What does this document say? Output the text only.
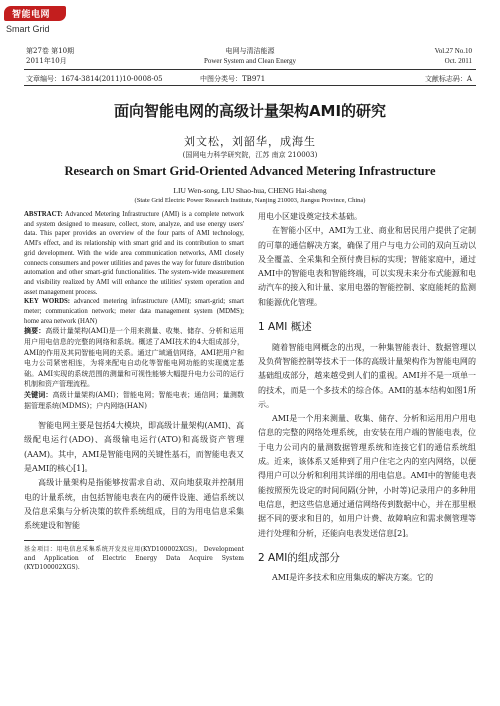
智能电网
Smart Grid
第27卷 第10期
2011年10月
电网与清洁能源
Power System and Clean Energy
Vol.27 No.10
Oct. 2011
文章编号：1674-3814(2011)10-0008-05	中图分类号：TB971	文献标志码：A
面向智能电网的高级计量架构AMI的研究
刘文松，刘韶华，成海生
(国网电力科学研究院，江苏 南京 210003)
Research on Smart Grid-Oriented Advanced Metering Infrastructure
LIU Wen-song, LIU Shao-hua, CHENG Hai-sheng
(State Grid Electric Power Research Institute, Nanjing 210003, Jiangsu Province, China)
ABSTRACT: Advanced Metering Infrastructure (AMI) is a complete network and system designed to measure, collect, store, analyze, and use energy users' data. This paper provides an overview of the four parts of AMI technology, AMI's effect, and its relationship with smart grid and its contribution to smart grid development. With the wide area communication networks, AMI closely connects consumers and power utilities and paves the way for future distribution automation and other smart-grid functionalities. The system-wide measurement and visibility realized by AMI will enhance the utilities' system operation and asset management process.
KEY WORDS: advanced metering infrastructure (AMI); smart-grid; smart meter; communication network; meter data management system (MDMS); home area network (HAN)
摘要：高级计量架构(AMI)是一个用来测量、收集、储存、分析和运用用户用电信息的完整的网络和系统。概述了AMI技术的4大组成部分，AMI的作用及其同智能电网的关系。通过广域通信网络，AMI把用户和电力公司紧密相连，为将来配电自动化等智能电网功能的实现奠定基础。AMI实现的系统范围的测量和可视性能够大幅提升电力公司的运行机制和资产管理流程。
关键词：高级计量架构(AMI)；智能电网；智能电表；通信网；量测数据管理系统(MDMS)；户内网络(HAN)

智能电网主要是包括4大模块，即高级计量架构(AMI)、高级配电运行(ADO)、高级输电运行(ATO)和高级资产管理(AAM)。其中，AMI是智能电网的关键性基石，而智能电表又是AMI的核心[1]。

高级计量架构是指能够按需求自动、双向地获取并控制用电的计量系统，由包括智能电表在内的硬件设施、通信系统以及信息采集与分析决策的软件系统组成，目的为用电信息采集系统建设和智能

基金项目：用电信息采集系统开发及应用(KYD100002XGS)。 Development and Application of Electric Energy Data Acquire System (KYD100002XGS).

用电小区建设奠定技术基础。

在智能小区中，AMI为工业、商业和居民用户提供了定制的可靠的通信解决方案，确保了用户与电力公司的双向互动以及全覆盖、全采集和全预付费目标的实现；智能家庭中，通过AMI中的智能电表和智能终端，可以实现未来分布式能源和电动汽车的接入和计量、家用电器的智能控制、家庭能耗的监测和能源优化管理。

1 AMI 概述

随着智能电网概念的出现，一种集智能表计、数据管理以及负荷智能控制等技术于一体的高级计量架构作为智能电网的基础组成部分，越来越受到人们的重视。AMI并不是一项单一的技术，而是一个多技术的综合体。AMI的基本结构如图1所示。

AMI是一个用来测量、收集、储存、分析和运用用户用电信息的完整的网络处理系统，由安装在用户端的智能电表，位于电力公司内的量测数据管理系统和连接它们的通信系统组成。近来，该体系又延伸到了用户住宅之内的室内网络，以便得用户可以分析和利用其详细的用电信息。AMI中的智能电表能按照预先设定的时间间隔(分钟，小时等)记录用户的多种用电信息，把这些信息通过通信网络传到数据中心，并在那里根据不同的要求和目的，如用户计费、故障响应和需求侧管理等进行处理和分析，还能向电表发送信息[2]。

2 AMI的组成部分

AMI是许多技术和应用集成的解决方案。它的
